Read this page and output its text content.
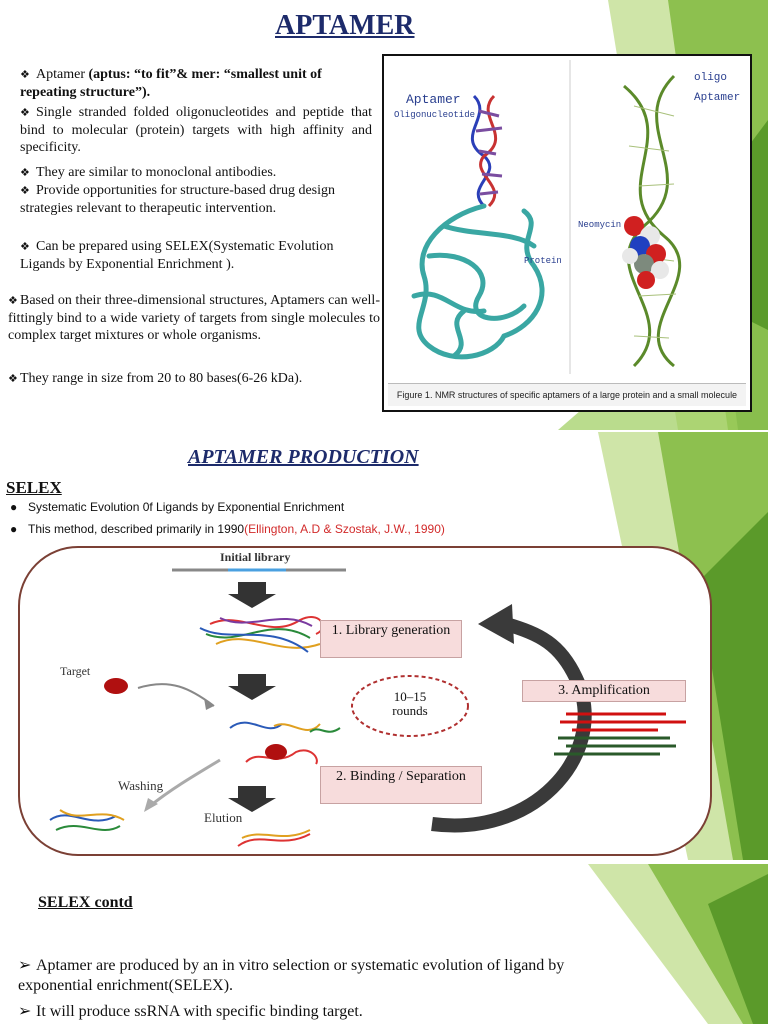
APTAMER
❖ Aptamer (aptus: “to fit”& mer: “smallest unit of repeating structure”).
❖ Single stranded folded oligonucleotides and peptide that bind to molecular (protein) targets with high affinity and specificity.
❖ They are similar to monoclonal antibodies.
❖ Provide opportunities for structure-based drug design strategies relevant to therapeutic intervention.
❖ Can be prepared using SELEX(Systematic Evolution Ligands by Exponential Enrichment ).
❖ Based on their three-dimensional structures, Aptamers can well-fittingly bind to a wide variety of targets from single molecules to complex target mixtures or whole organisms.
❖ They range in size from 20 to 80 bases(6-26 kDa).
Aptamer
Oligonucleotide
Protein
oligo
Aptamer
Neomycin
Figure 1. NMR structures of specific aptamers of a large protein and a small molecule
APTAMER PRODUCTION
SELEX
● Systematic Evolution 0f Ligands by Exponential Enrichment
● This method, described primarily in 1990(Ellington, A.D & Szostak, J.W., 1990)
Initial library
Target
1. Library generation
10–15 rounds
3. Amplification
Washing
2. Binding / Separation
Elution
SELEX contd
➢ Aptamer are produced by an in vitro selection or systematic evolution of ligand by exponential enrichment(SELEX).
➢ It will produce ssRNA with specific binding target.
